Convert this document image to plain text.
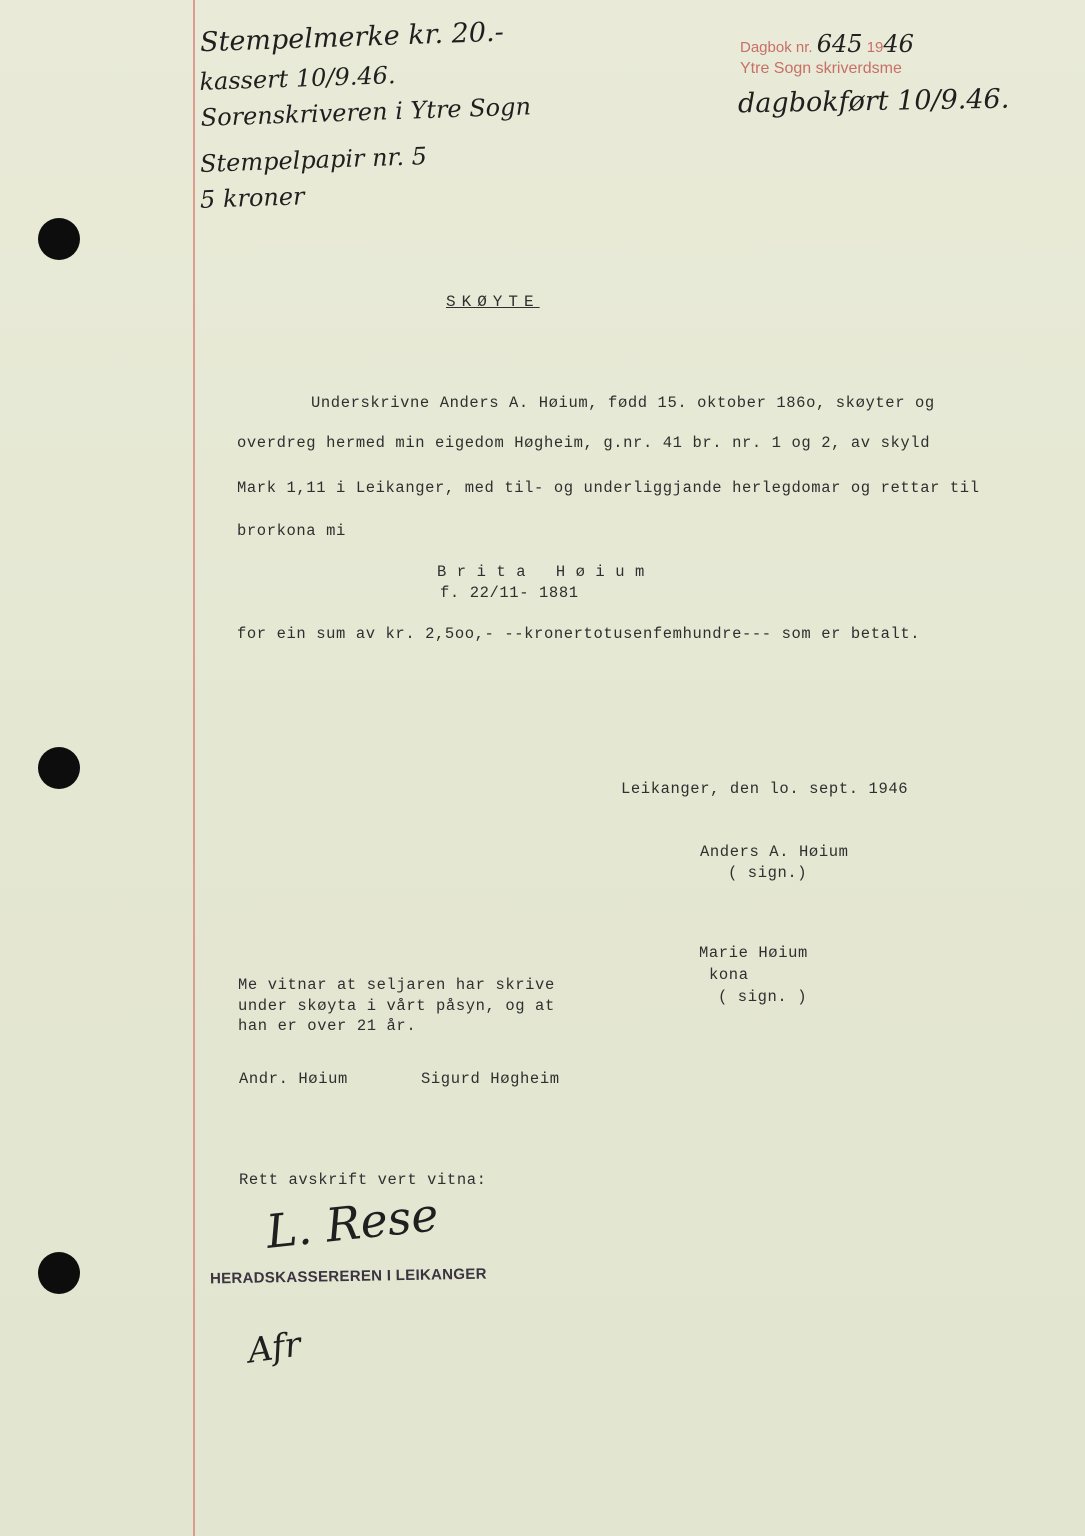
Stempelmerke kr. 20.-
kassert 10/9.46. Sorenskriveren i Ytre Sogn
Stempelpapir nr. 5
5 kroner
Dagbok nr. 645 1946
Ytre Sogn skriverdsme
dagbokført 10/9.46.
SKØYTE
Underskrivne Anders A. Høium, fødd 15. oktober 186o, skøyter og
overdreg hermed min eigedom Høgheim, g.nr. 41 br. nr. 1 og 2, av skyld
Mark 1,11 i Leikanger, med til- og underliggjande herlegdomar og rettar til
brorkona mi
B r i t a   H ø i u m
f. 22/11- 1881
for ein sum av kr. 2,5oo,- --kronertotusenfemhundre--- som er betalt.
Leikanger, den lo. sept. 1946
Anders A. Høium
( sign.)
Marie Høium
kona
( sign. )
Me vitnar at seljaren har skrive
under skøyta i vårt påsyn, og at
han er over 21 år.
Andr. Høium	Sigurd Høgheim
Rett avskrift vert vitna:
L. Rese
HERADSKASSEREREN I LEIKANGER
Afr
